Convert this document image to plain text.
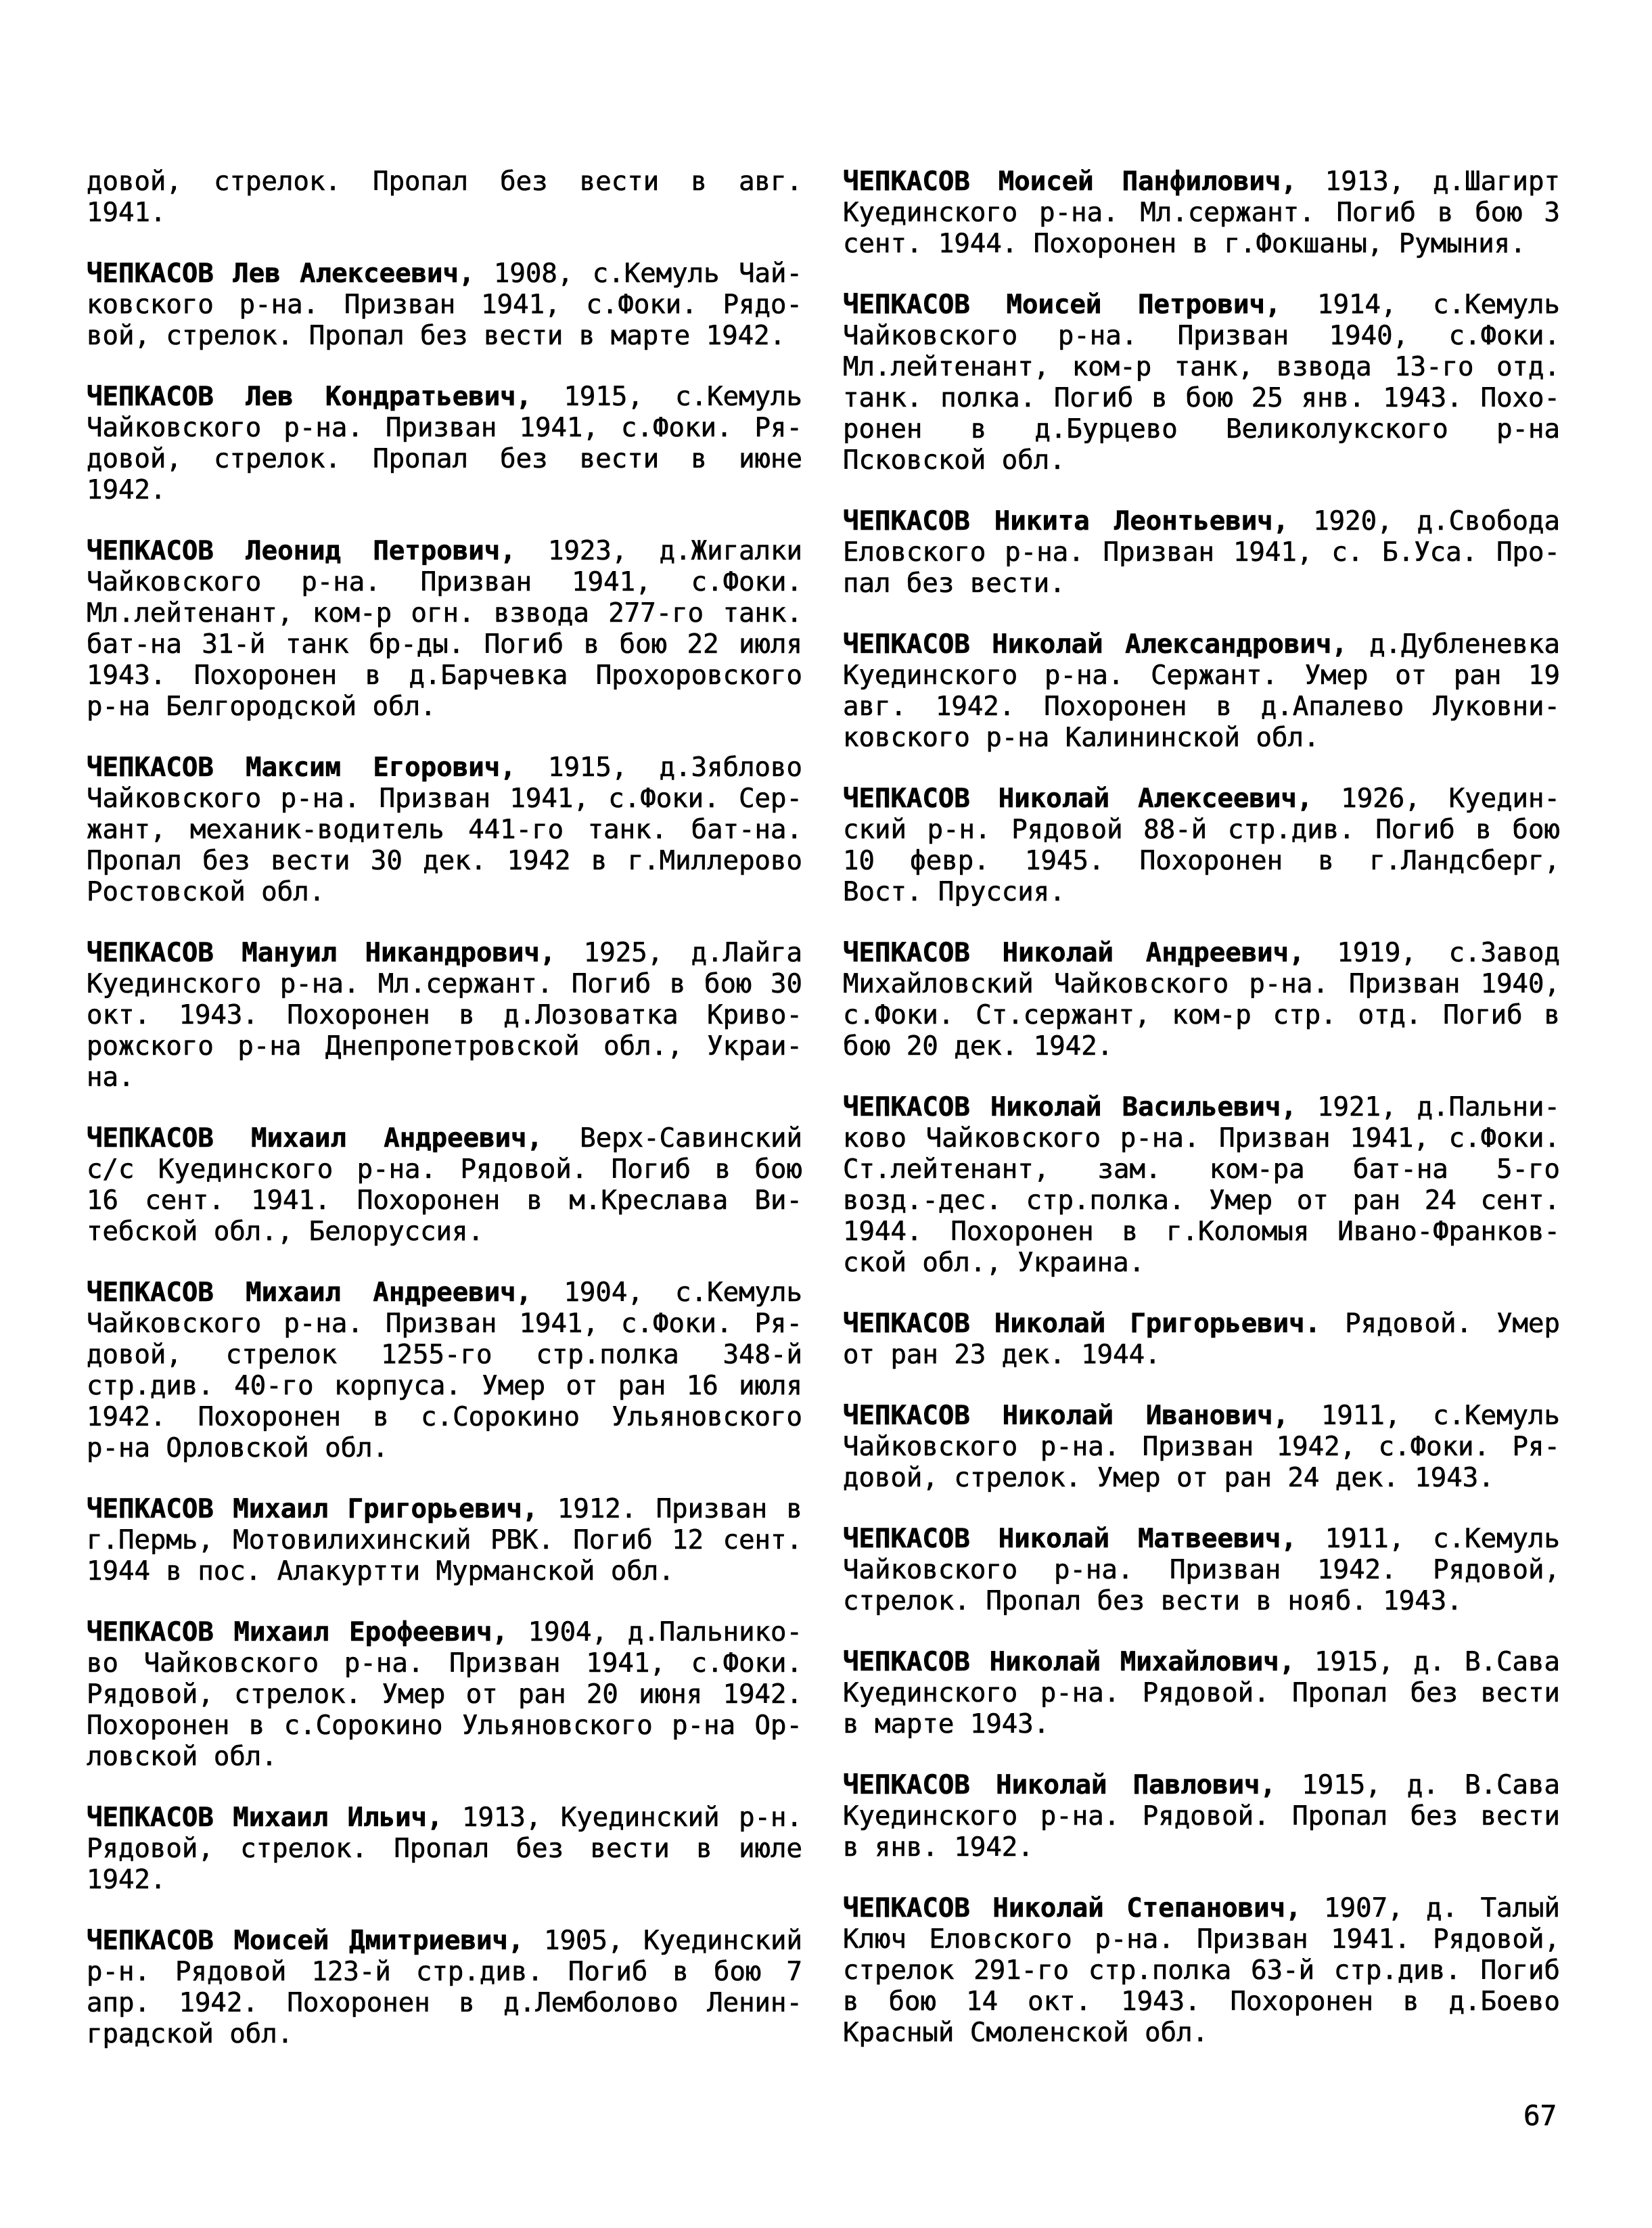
довой, стрелок. Пропал без вести в авг.
1941.
ЧЕПКАСОВ Лев Алексеевич, 1908, с.Кемуль Чай-
ковского р-на. Призван 1941, с.Фоки. Рядо-
вой, стрелок. Пропал без вести в марте 1942.
ЧЕПКАСОВ Лев Кондратьевич, 1915, с.Кемуль
Чайковского р-на. Призван 1941, с.Фоки. Ря-
довой, стрелок. Пропал без вести в июне
1942.
ЧЕПКАСОВ Леонид Петрович, 1923, д.Жигалки
Чайковского р-на. Призван 1941, с.Фоки.
Мл.лейтенант, ком-р огн. взвода 277-го танк.
бат-на 31-й танк бр-ды. Погиб в бою 22 июля
1943. Похоронен в д.Барчевка Прохоровского
р-на Белгородской обл.
ЧЕПКАСОВ Максим Егорович, 1915, д.Зяблово
Чайковского р-на. Призван 1941, с.Фоки. Сер-
жант, механик-водитель 441-го танк. бат-на.
Пропал без вести 30 дек. 1942 в г.Миллерово
Ростовской обл.
ЧЕПКАСОВ Мануил Никандрович, 1925, д.Лайга
Куединского р-на. Мл.сержант. Погиб в бою 30
окт. 1943. Похоронен в д.Лозоватка Криво-
рожского р-на Днепропетровской обл., Украи-
на.
ЧЕПКАСОВ Михаил Андреевич, Верх-Савинский
с/с Куединского р-на. Рядовой. Погиб в бою
16 сент. 1941. Похоронен в м.Креслава Ви-
тебской обл., Белоруссия.
ЧЕПКАСОВ Михаил Андреевич, 1904, с.Кемуль
Чайковского р-на. Призван 1941, с.Фоки. Ря-
довой, стрелок 1255-го стр.полка 348-й
стр.див. 40-го корпуса. Умер от ран 16 июля
1942. Похоронен в с.Сорокино Ульяновского
р-на Орловской обл.
ЧЕПКАСОВ Михаил Григорьевич, 1912. Призван в
г.Пермь, Мотовилихинский РВК. Погиб 12 сент.
1944 в пос. Алакуртти Мурманской обл.
ЧЕПКАСОВ Михаил Ерофеевич, 1904, д.Пальнико-
во Чайковского р-на. Призван 1941, с.Фоки.
Рядовой, стрелок. Умер от ран 20 июня 1942.
Похоронен в с.Сорокино Ульяновского р-на Ор-
ловской обл.
ЧЕПКАСОВ Михаил Ильич, 1913, Куединский р-н.
Рядовой, стрелок. Пропал без вести в июле
1942.
ЧЕПКАСОВ Моисей Дмитриевич, 1905, Куединский
р-н. Рядовой 123-й стр.див. Погиб в бою 7
апр. 1942. Похоронен в д.Лемболово Ленин-
градской обл.
ЧЕПКАСОВ Моисей Панфилович, 1913, д.Шагирт
Куединского р-на. Мл.сержант. Погиб в бою 3
сент. 1944. Похоронен в г.Фокшаны, Румыния.
ЧЕПКАСОВ Моисей Петрович, 1914, с.Кемуль
Чайковского р-на. Призван 1940, с.Фоки.
Мл.лейтенант, ком-р танк, взвода 13-го отд.
танк. полка. Погиб в бою 25 янв. 1943. Похо-
ронен в д.Бурцево Великолукского р-на
Псковской обл.
ЧЕПКАСОВ Никита Леонтьевич, 1920, д.Свобода
Еловского р-на. Призван 1941, с. Б.Уса. Про-
пал без вести.
ЧЕПКАСОВ Николай Александрович, д.Дубленевка
Куединского р-на. Сержант. Умер от ран 19
авг. 1942. Похоронен в д.Апалево Луковни-
ковского р-на Калининской обл.
ЧЕПКАСОВ Николай Алексеевич, 1926, Куедин-
ский р-н. Рядовой 88-й стр.див. Погиб в бою
10 февр. 1945. Похоронен в г.Ландсберг,
Вост. Пруссия.
ЧЕПКАСОВ Николай Андреевич, 1919, с.Завод
Михайловский Чайковского р-на. Призван 1940,
с.Фоки. Ст.сержант, ком-р стр. отд. Погиб в
бою 20 дек. 1942.
ЧЕПКАСОВ Николай Васильевич, 1921, д.Пальни-
ково Чайковского р-на. Призван 1941, с.Фоки.
Ст.лейтенант, зам. ком-ра бат-на 5-го
возд.-дес. стр.полка. Умер от ран 24 сент.
1944. Похоронен в г.Коломыя Ивано-Франков-
ской обл., Украина.
ЧЕПКАСОВ Николай Григорьевич. Рядовой. Умер
от ран 23 дек. 1944.
ЧЕПКАСОВ Николай Иванович, 1911, с.Кемуль
Чайковского р-на. Призван 1942, с.Фоки. Ря-
довой, стрелок. Умер от ран 24 дек. 1943.
ЧЕПКАСОВ Николай Матвеевич, 1911, с.Кемуль
Чайковского р-на. Призван 1942. Рядовой,
стрелок. Пропал без вести в нояб. 1943.
ЧЕПКАСОВ Николай Михайлович, 1915, д. В.Сава
Куединского р-на. Рядовой. Пропал без вести
в марте 1943.
ЧЕПКАСОВ Николай Павлович, 1915, д. В.Сава
Куединского р-на. Рядовой. Пропал без вести
в янв. 1942.
ЧЕПКАСОВ Николай Степанович, 1907, д. Талый
Ключ Еловского р-на. Призван 1941. Рядовой,
стрелок 291-го стр.полка 63-й стр.див. Погиб
в бою 14 окт. 1943. Похоронен в д.Боево
Красный Смоленской обл.
67
